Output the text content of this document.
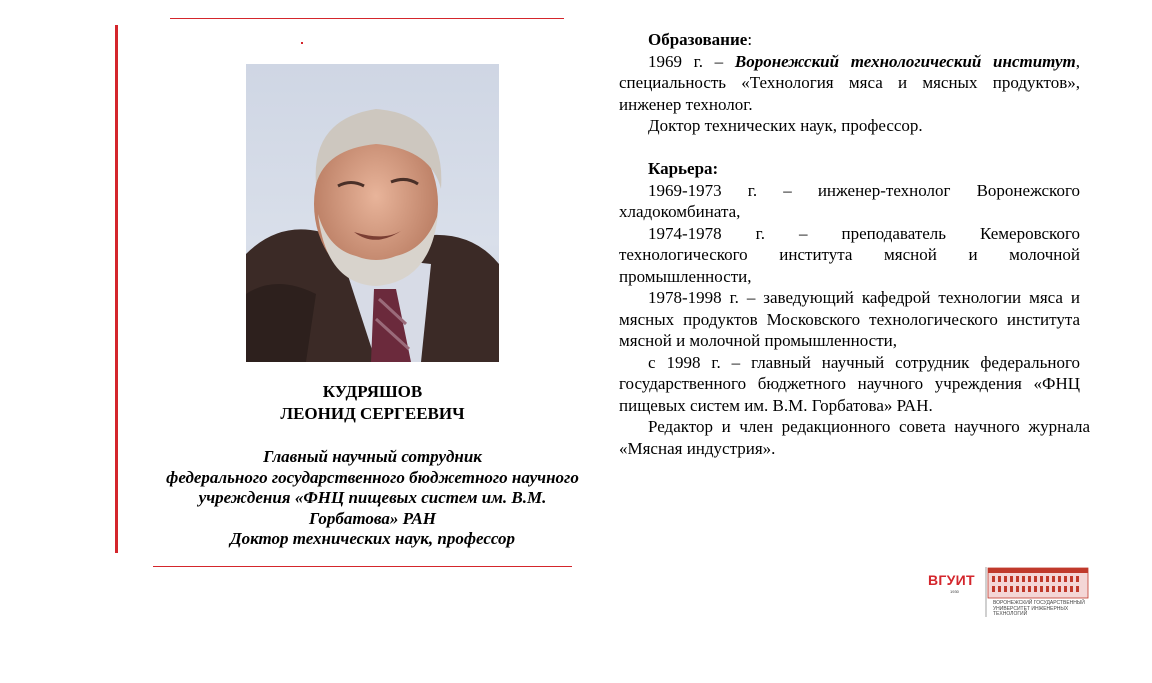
КУДРЯШОВ
ЛЕОНИД СЕРГЕЕВИЧ
Главный научный сотрудник
федерального государственного бюджетного научного
учреждения «ФНЦ пищевых систем им. В.М.
Горбатова» РАН
Доктор технических наук, профессор

Образование:

1969 г. – Воронежский технологический институт, специальность «Технология мяса и мясных продуктов», инженер технолог.

Доктор технических наук, профессор.

Карьера:

1969-1973 г. – инженер-технолог Воронежского хладокомбината,

1974-1978 г. – преподаватель Кемеровского технологического института мясной и молочной промышленности,

1978-1998 г. – заведующий кафедрой технологии мяса и мясных продуктов Московского технологического института мясной и молочной промышленности,

с 1998 г. – главный научный сотрудник федерального государственного бюджетного научного учреждения «ФНЦ пищевых систем им. В.М. Горбатова» РАН.

Редактор и член редакционного совета научного журнала «Мясная индустрия».

ВГУИТ
1930
ВОРОНЕЖСКИЙ ГОСУДАРСТВЕННЫЙ УНИВЕРСИТЕТ ИНЖЕНЕРНЫХ ТЕХНОЛОГИЙ
